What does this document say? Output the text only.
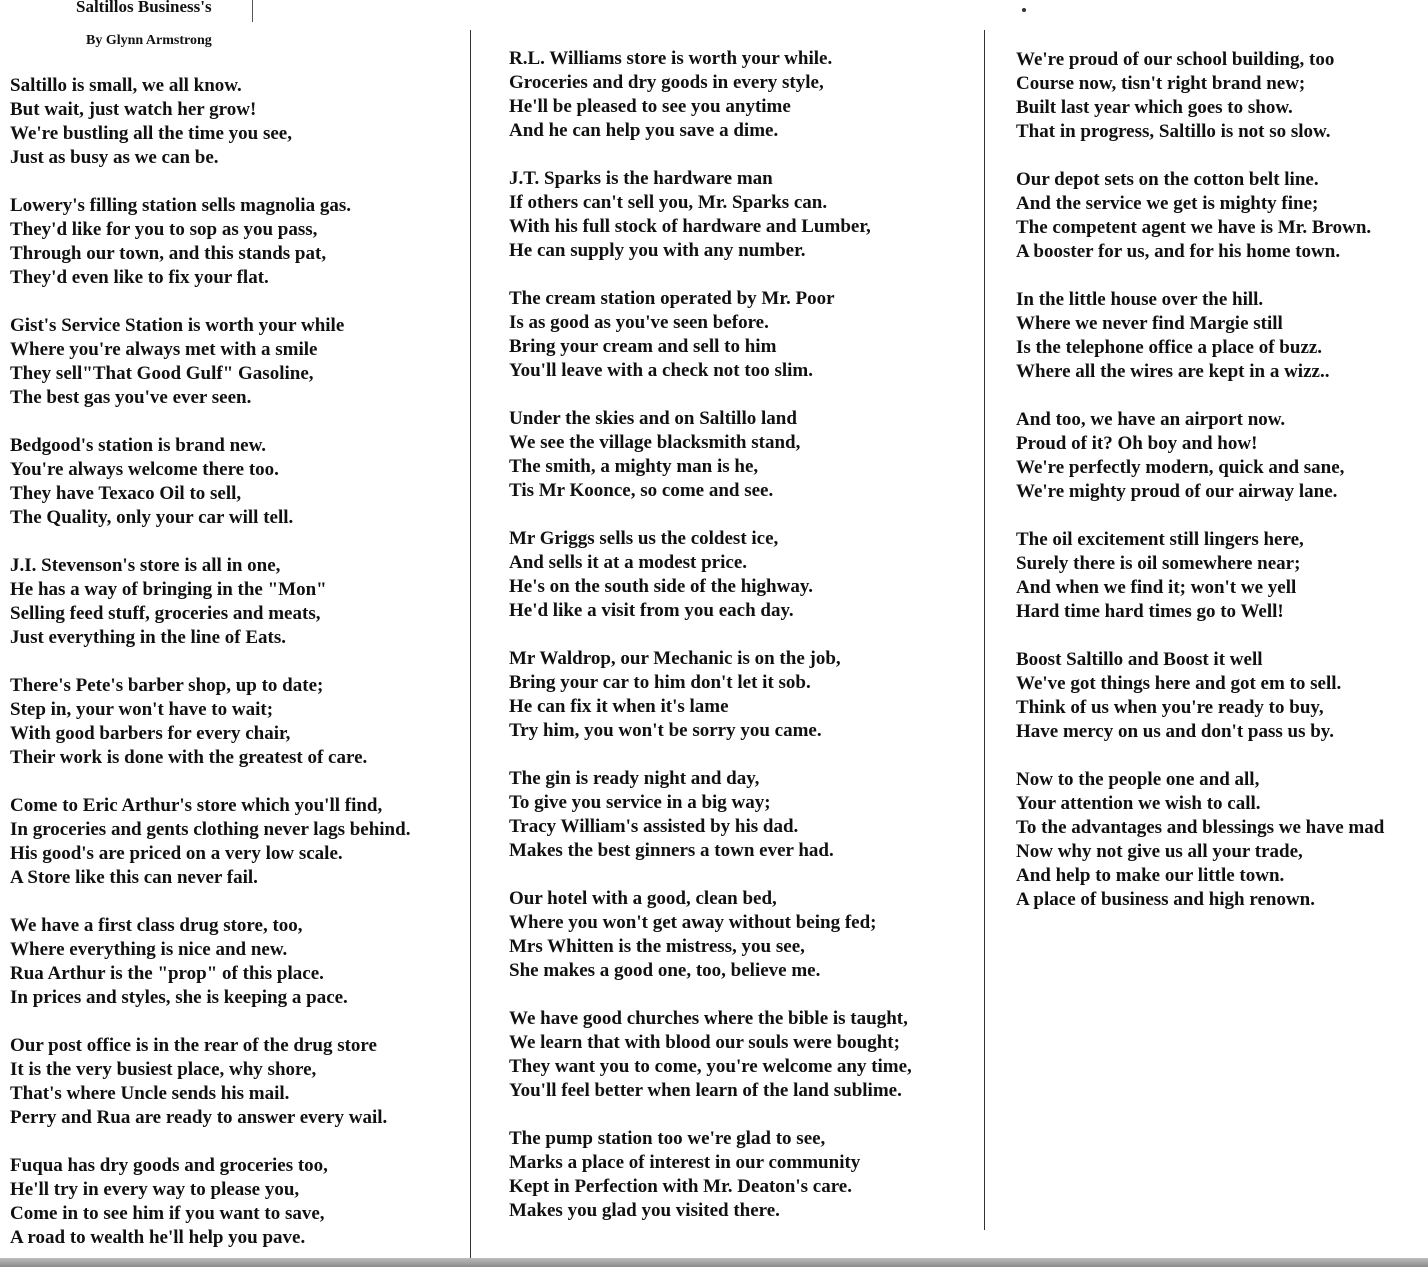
Saltillos Business's
By Glynn Armstrong
Saltillo is small, we all know.
But wait, just watch her grow!
We're bustling all the time you see,
Just as busy as we can be.
Lowery's filling station sells magnolia gas.
They'd like for you to sop as you pass,
Through our town, and this stands pat,
They'd even like to fix your flat.
Gist's Service Station is worth your while
Where you're always met with a smile
They sell"That Good Gulf" Gasoline,
The best gas you've ever seen.
Bedgood's station is brand new.
You're always welcome there too.
They have Texaco Oil to sell,
The Quality, only your car will tell.
J.I. Stevenson's store is all in one,
He has a way of bringing in the "Mon"
Selling feed stuff, groceries and meats,
Just everything in the line of Eats.
There's Pete's barber shop, up to date;
Step in, your won't have to wait;
With good barbers for every chair,
Their work is done with the greatest of care.
Come to Eric Arthur's store which you'll find,
In groceries and gents clothing never lags behind.
His good's are priced on a very low scale.
A Store like this can never fail.
We have a first class drug store, too,
Where everything is nice and new.
Rua Arthur is the "prop" of this place.
In prices and styles, she is keeping a pace.
Our post office is in the rear of the drug store
It is the very busiest place, why shore,
That's where Uncle sends his mail.
Perry and Rua are ready to answer every wail.
Fuqua has dry goods and groceries too,
He'll try in every way to please you,
Come in to see him if you want to save,
A road to wealth he'll help you pave.
R.L. Williams store is worth your while.
Groceries and dry goods in every style,
He'll be pleased to see you anytime
And he can help you save a dime.
J.T. Sparks is the hardware man
If others can't sell you, Mr. Sparks can.
With his full stock of hardware and Lumber,
He can supply you with any number.
The cream station operated by Mr. Poor
Is as good as you've seen before.
Bring your cream and sell to him
You'll leave with a check not too slim.
Under the skies and on Saltillo land
We see the village blacksmith stand,
The smith, a mighty man is he,
Tis Mr Koonce, so come and see.
Mr Griggs sells us the coldest ice,
And sells it at a modest price.
He's on the south side of the highway.
He'd like a visit from you each day.
Mr Waldrop, our Mechanic is on the job,
Bring your car to him don't let it sob.
He can fix it when it's lame
Try him, you won't be sorry you came.
The gin is ready night and day,
To give you service in a big way;
Tracy William's assisted by his dad.
Makes the best ginners a town ever had.
Our hotel with a good, clean bed,
Where you won't get away without being fed;
Mrs Whitten is the mistress, you see,
She makes a good one, too, believe me.
We have good churches where the bible is taught,
We learn that with blood our souls were bought;
They want you to come, you're welcome any time,
You'll feel better when learn of the land sublime.
The pump station too we're glad to see,
Marks a place of interest in our community
Kept in Perfection with Mr. Deaton's care.
Makes you glad you visited there.
We're proud of our school building, too
Course now, tisn't right brand new;
Built last year which goes to show.
That in progress, Saltillo is not so slow.
Our depot sets on the cotton belt line.
And the service we get is mighty fine;
The competent agent we have is Mr. Brown.
A booster for us, and for his home town.
In the little house over the hill.
Where we never find Margie still
Is the telephone office a place of buzz.
Where all the wires are kept in a wizz..
And too, we have an airport now.
Proud of it? Oh boy and how!
We're perfectly modern, quick and sane,
We're mighty proud of our airway lane.
The oil excitement still lingers here,
Surely there is oil somewhere near;
And when we find it; won't we yell
Hard time hard times go to Well!
Boost Saltillo and Boost it well
We've got things here and got em to sell.
Think of us when you're ready to buy,
Have mercy on us and don't pass us by.
Now to the people one and all,
Your attention we wish to call.
To the advantages and blessings we have mad
Now why not give us all your trade,
And help to make our little town.
A place of business and high renown.
